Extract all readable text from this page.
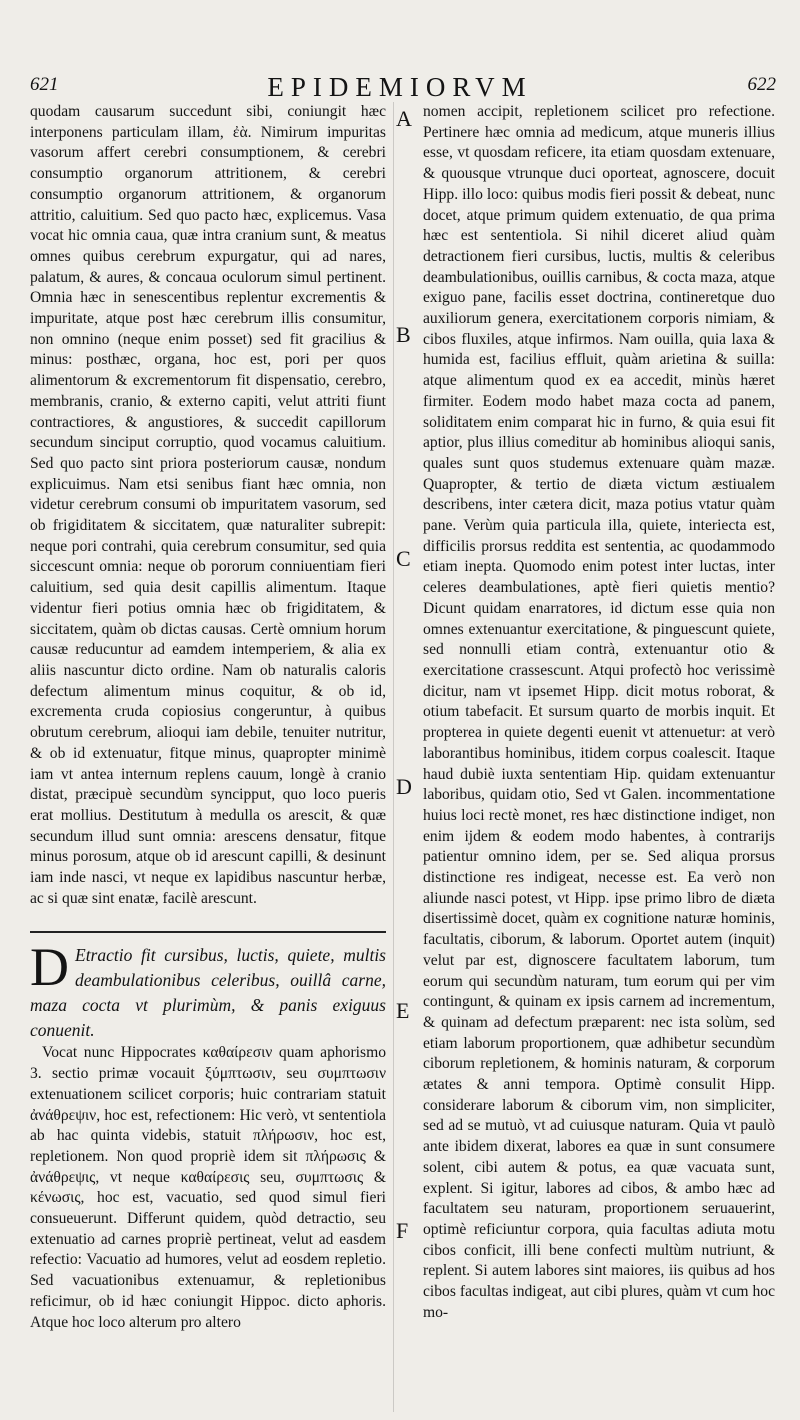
621	EPIDEMIORVM	622

quodam causarum succedunt sibi, coniungit hæc interponens particulam illam, ἐὰ. Nimirum impuritas vasorum affert cerebri consumptionem, & cerebri consumptio organorum attritionem, & cerebri consumptio organorum attritionem, & organorum attritio, caluitium. Sed quo pacto hæc, explicemus. Vasa vocat hic omnia caua, quæ intra cranium sunt, & meatus omnes quibus cerebrum expurgatur, qui ad nares, palatum, & aures, & concaua oculorum simul pertinent. Omnia hæc in senescentibus replentur excrementis & impuritate, atque post hæc cerebrum illis consumitur, non omnino (neque enim posset) sed fit gracilius & minus: posthæc, organa, hoc est, pori per quos alimentorum & excrementorum fit dispensatio, cerebro, membranis, cranio, & externo capiti, velut attriti fiunt contractiores, & angustiores, & succedit capillorum secundum sinciput corruptio, quod vocamus caluitium. Sed quo pacto sint priora posteriorum causæ, nondum explicuimus. Nam etsi senibus fiant hæc omnia, non videtur cerebrum consumi ob impuritatem vasorum, sed ob frigiditatem & siccitatem, quæ naturaliter subrepit: neque pori contrahi, quia cerebrum consumitur, sed quia siccescunt omnia: neque ob pororum conniuentiam fieri caluitium, sed quia desit capillis alimentum. Itaque videntur fieri potius omnia hæc ob frigiditatem, & siccitatem, quàm ob dictas causas. Certè omnium horum causæ reducuntur ad eamdem intemperiem, & alia ex aliis nascuntur dicto ordine. Nam ob naturalis caloris defectum alimentum minus coquitur, & ob id, excrementa cruda copiosius congeruntur, à quibus obrutum cerebrum, alioqui iam debile, tenuiter nutritur, & ob id extenuatur, fitque minus, quapropter minimè iam vt antea internum replens cauum, longè à cranio distat, præcipuè secundùm syncipput, quo loco pueris erat mollius. Destitutum à medulla os arescit, & quæ secundum illud sunt omnia: arescens densatur, fitque minus porosum, atque ob id arescunt capilli, & desinunt iam inde nasci, vt neque ex lapidibus nascuntur herbæ, ac si quæ sint enatæ, facilè arescunt.

D Etractio fit cursibus, luctis, quiete, multis deambulationibus celeribus, ouillâ carne, maza cocta vt plurimùm, & panis exiguus conuenit.

Vocat nunc Hippocrates καθαίρεσιν quam aphorismo 3. sectio primæ vocauit ξύμπτωσιν, seu συμπτωσιν extenuationem scilicet corporis; huic contrariam statuit ἀνάθρεψιν, hoc est, refectionem: Hic verò, vt sententiola ab hac quinta videbis, statuit πλήρωσιν, hoc est, repletionem. Non quod propriè idem sit πλήρωσις & ἀνάθρεψις, vt neque καθαίρεσις seu, συμπτωσις & κένωσις, hoc est, vacuatio, sed quod simul fieri consueuerunt. Differunt quidem, quòd detractio, seu extenuatio ad carnes propriè pertineat, velut ad easdem refectio: Vacuatio ad humores, velut ad eosdem repletio. Sed vacuationibus extenuamur, & repletionibus reficimur, ob id hæc coniungit Hippoc. dicto aphoris. Atque hoc loco alterum pro altero

A
B
C
D
E
F

nomen accipit, repletionem scilicet pro refectione. Pertinere hæc omnia ad medicum, atque muneris illius esse, vt quosdam reficere, ita etiam quosdam extenuare, & quousque vtrunque duci oporteat, agnoscere, docuit Hipp. illo loco: quibus modis fieri possit & debeat, nunc docet, atque primum quidem extenuatio, de qua prima hæc est sententiola. Si nihil diceret aliud quàm detractionem fieri cursibus, luctis, multis & celeribus deambulationibus, ouillis carnibus, & cocta maza, atque exiguo pane, facilis esset doctrina, contineretque duo auxiliorum genera, exercitationem corporis nimiam, & cibos fluxiles, atque infirmos. Nam ouilla, quia laxa & humida est, facilius effluit, quàm arietina & suilla: atque alimentum quod ex ea accedit, minùs hæret firmiter. Eodem modo habet maza cocta ad panem, soliditatem enim comparat hic in furno, & quia esui fit aptior, plus illius comeditur ab hominibus alioqui sanis, quales sunt quos studemus extenuare quàm mazæ. Quapropter, & tertio de diæta victum æstiualem describens, inter cætera dicit, maza potius vtatur quàm pane. Verùm quia particula illa, quiete, interiecta est, difficilis prorsus reddita est sententia, ac quodammodo etiam inepta. Quomodo enim potest inter luctas, inter celeres deambulationes, aptè fieri quietis mentio? Dicunt quidam enarratores, id dictum esse quia non omnes extenuantur exercitatione, & pinguescunt quiete, sed nonnulli etiam contrà, extenuantur otio & exercitatione crassescunt. Atqui profectò hoc verissimè dicitur, nam vt ipsemet Hipp. dicit motus roborat, & otium tabefacit. Et sursum quarto de morbis inquit. Et propterea in quiete degenti euenit vt attenuetur: at verò laborantibus hominibus, itidem corpus coalescit. Itaque haud dubiè iuxta sententiam Hip. quidam extenuantur laboribus, quidam otio, Sed vt Galen. incommentatione huius loci rectè monet, res hæc distinctione indiget, non enim ijdem & eodem modo habentes, à contrarijs patientur omnino idem, per se. Sed aliqua prorsus distinctione res indigeat, necesse est. Ea verò non aliunde nasci potest, vt Hipp. ipse primo libro de diæta disertissimè docet, quàm ex cognitione naturæ hominis, facultatis, ciborum, & laborum. Oportet autem (inquit) velut par est, dignoscere facultatem laborum, tum eorum qui secundùm naturam, tum eorum qui per vim contingunt, & quinam ex ipsis carnem ad incrementum, & quinam ad defectum præparent: nec ista solùm, sed etiam laborum proportionem, quæ adhibetur secundùm ciborum repletionem, & hominis naturam, & corporum ætates & anni tempora. Optimè consulit Hipp. considerare laborum & ciborum vim, non simpliciter, sed ad se mutuò, vt ad cuiusque naturam. Quia vt paulò ante ibidem dixerat, labores ea quæ in sunt consumere solent, cibi autem & potus, ea quæ vacuata sunt, explent. Si igitur, labores ad cibos, & ambo hæc ad facultatem seu naturam, proportionem seruauerint, optimè reficiuntur corpora, quia facultas adiuta motu cibos conficit, illi bene confecti multùm nutriunt, & replent. Si autem labores sint maiores, iis quibus ad hos cibos facultas indigeat, aut cibi plures, quàm vt cum hoc mo-
